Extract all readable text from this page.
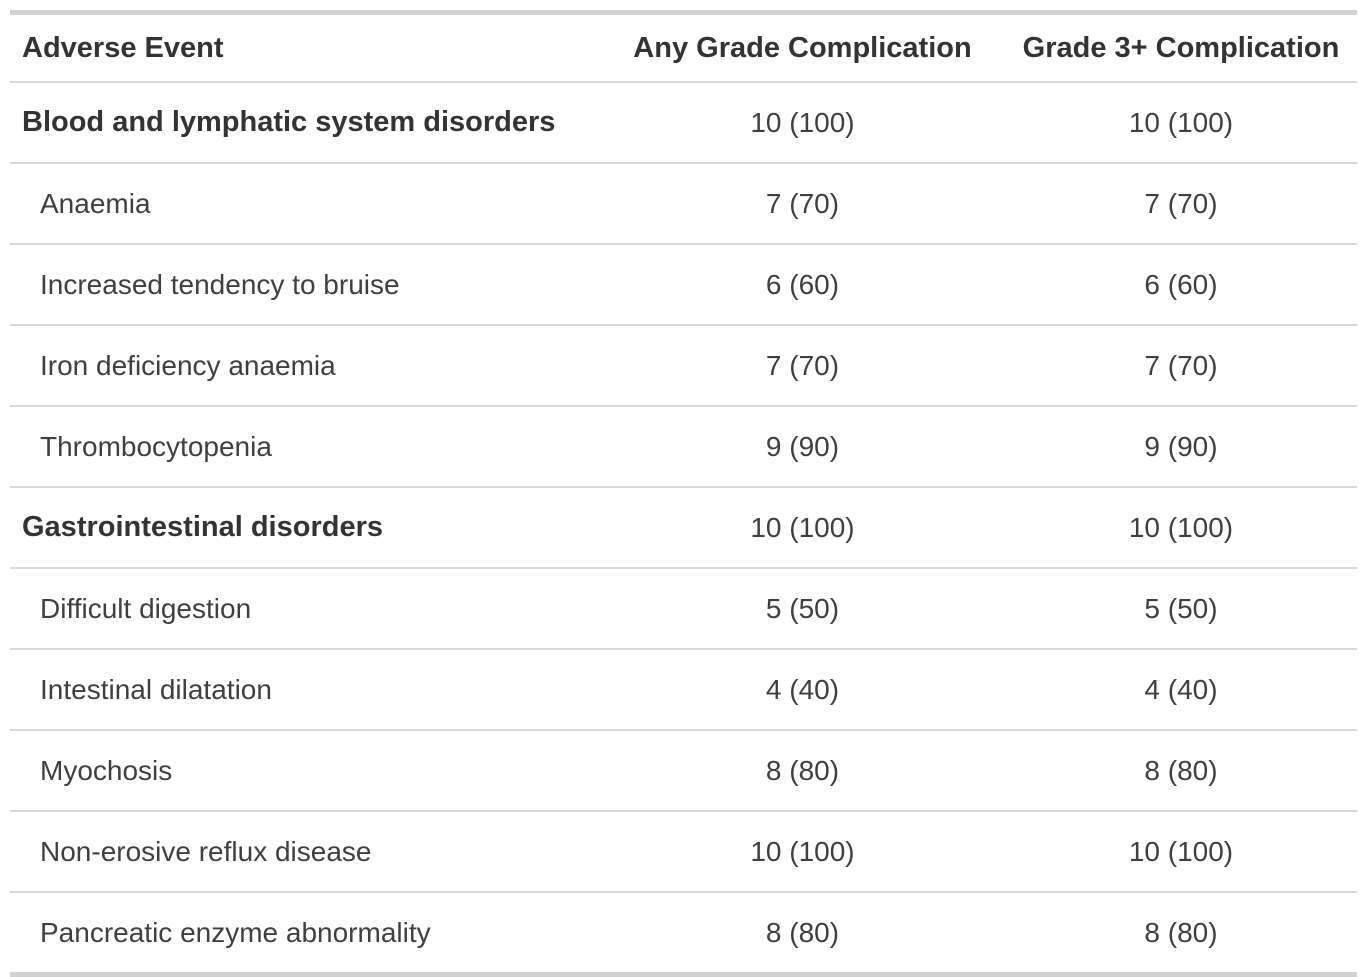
Adverse Event	Any Grade Complication	Grade 3+ Complication
Blood and lymphatic system disorders	10 (100)	10 (100)
Anaemia	7 (70)	7 (70)
Increased tendency to bruise	6 (60)	6 (60)
Iron deficiency anaemia	7 (70)	7 (70)
Thrombocytopenia	9 (90)	9 (90)
Gastrointestinal disorders	10 (100)	10 (100)
Difficult digestion	5 (50)	5 (50)
Intestinal dilatation	4 (40)	4 (40)
Myochosis	8 (80)	8 (80)
Non-erosive reflux disease	10 (100)	10 (100)
Pancreatic enzyme abnormality	8 (80)	8 (80)
